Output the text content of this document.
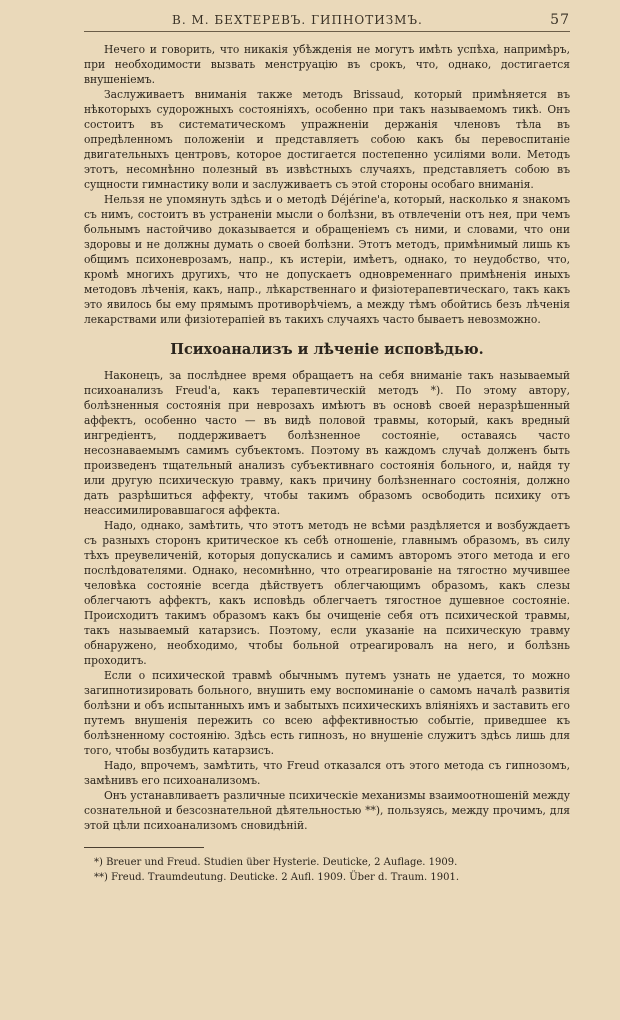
В. М. БЕХТЕРЕВЪ. ГИПНОТИЗМЪ.	57

Нечего и говорить, что никакія убѣжденія не могутъ имѣть успѣха, напримѣръ, при необходимости вызвать менструацію въ срокъ, что, однако, достигается внушеніемъ.

Заслуживаетъ вниманія также методъ Brissaud, который примѣняется въ нѣкоторыхъ судорожныхъ состояніяхъ, особенно при такъ называемомъ тикѣ. Онъ состоитъ въ систематическомъ упражненіи держанія членовъ тѣла въ опредѣленномъ положеніи и представляетъ собою какъ бы перевоспитаніе двигательныхъ центровъ, которое достигается постепенно усиліями воли. Методъ этотъ, несомнѣнно полезный въ извѣстныхъ случаяхъ, представляетъ собою въ сущности гимнастику воли и заслуживаетъ съ этой стороны особаго вниманія.

Нельзя не упомянуть здѣсь и о методѣ Déjérine'a, который, насколько я знакомъ съ нимъ, состоитъ въ устраненіи мысли о болѣзни, въ отвлеченіи отъ нея, при чемъ больнымъ настойчиво доказывается и обращеніемъ съ ними, и словами, что они здоровы и не должны думать о своей болѣзни. Этотъ методъ, примѣнимый лишь къ общимъ психоневрозамъ, напр., къ истеріи, имѣетъ, однако, то неудобство, что, кромѣ многихъ другихъ, что не допускаетъ одновременнаго примѣненія иныхъ методовъ лѣченія, какъ, напр., лѣкарственнаго и физіотерапевтическаго, такъ какъ это явилось бы ему прямымъ противорѣчіемъ, а между тѣмъ обойтись безъ лѣченія лекарствами или физіотерапіей въ такихъ случаяхъ часто бываетъ невозможно.

Психоанализъ и лѣченіе исповѣдью.

Наконецъ, за послѣднее время обращаетъ на себя вниманіе такъ называемый психоанализъ Freud'a, какъ терапевтическій методъ *). По этому автору, болѣзненныя состоянія при неврозахъ имѣютъ въ основѣ своей неразрѣшенный аффектъ, особенно часто — въ видѣ половой травмы, который, какъ вредный ингредіентъ, поддерживаетъ болѣзненное состояніе, оставаясь часто несознаваемымъ самимъ субъектомъ. Поэтому въ каждомъ случаѣ долженъ быть произведенъ тщательный анализъ субъективнаго состоянія больного, и, найдя ту или другую психическую травму, какъ причину болѣзненнаго состоянія, должно дать разрѣшиться аффекту, чтобы такимъ образомъ освободить психику отъ неассимилировавшагося аффекта.

Надо, однако, замѣтить, что этотъ методъ не всѣми раздѣляется и возбуждаетъ съ разныхъ сторонъ критическое къ себѣ отношеніе, главнымъ образомъ, въ силу тѣхъ преувеличеній, которыя допускались и самимъ авторомъ этого метода и его послѣдователями. Однако, несомнѣнно, что отреагированіе на тягостно мучившее человѣка состояніе всегда дѣйствуетъ облегчающимъ образомъ, какъ слезы облегчаютъ аффектъ, какъ исповѣдь облегчаетъ тягостное душевное состояніе. Происходитъ такимъ образомъ какъ бы очищеніе себя отъ психической травмы, такъ называемый катарзисъ. Поэтому, если указаніе на психическую травму обнаружено, необходимо, чтобы больной отреагировалъ на него, и болѣзнь проходитъ.

Если о психической травмѣ обычнымъ путемъ узнать не удается, то можно загипнотизировать больного, внушить ему воспоминаніе о самомъ началѣ развитія болѣзни и объ испытанныхъ имъ и забытыхъ психическихъ вліяніяхъ и заставить его путемъ внушенія пережить со всею аффективностью событіе, приведшее къ болѣзненному состоянію. Здѣсь есть гипнозъ, но внушеніе служитъ здѣсь лишь для того, чтобы возбудить катарзисъ.

Надо, впрочемъ, замѣтить, что Freud отказался отъ этого метода съ гипнозомъ, замѣнивъ его психоанализомъ.

Онъ устанавливаетъ различные психическіе механизмы взаимоотношеній между сознательной и безсознательной дѣятельностью **), пользуясь, между прочимъ, для этой цѣли психоанализомъ сновидѣній.

*) Breuer und Freud. Studien über Hysterie. Deuticke, 2 Auflage. 1909.

**) Freud. Traumdeutung. Deuticke. 2 Aufl. 1909. Über d. Traum. 1901.
